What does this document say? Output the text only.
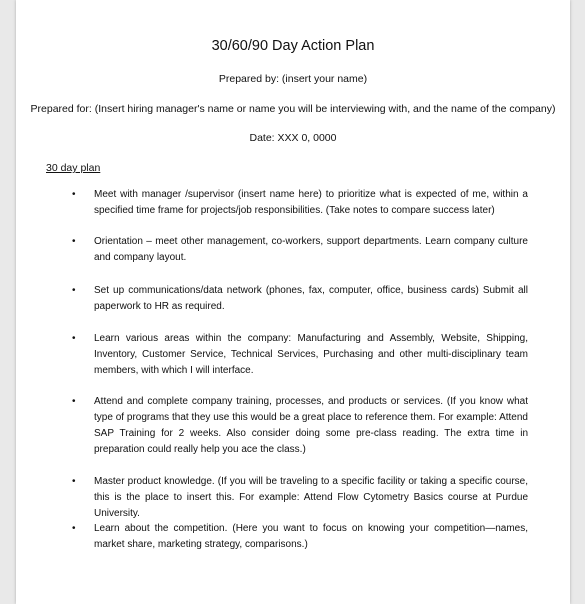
30/60/90 Day Action Plan
Prepared by: (insert your name)
Prepared for: (Insert hiring manager's name or name you will be interviewing with, and the name of the company)
Date: XXX 0, 0000
30 day plan
• Meet with manager /supervisor (insert name here) to prioritize what is expected of me, within a specified time frame for projects/job responsibilities. (Take notes to compare success later)
• Orientation – meet other management, co-workers, support departments. Learn company culture and company layout.
• Set up communications/data network (phones, fax, computer, office, business cards) Submit all paperwork to HR as required.
• Learn various areas within the company: Manufacturing and Assembly, Website, Shipping, Inventory, Customer Service, Technical Services, Purchasing and other multi-disciplinary team members, with which I will interface.
• Attend and complete company training, processes, and products or services. (If you know what type of programs that they use this would be a great place to reference them. For example: Attend SAP Training for 2 weeks. Also consider doing some pre-class reading. The extra time in preparation could really help you ace the class.)
• Master product knowledge. (If you will be traveling to a specific facility or taking a specific course, this is the place to insert this. For example: Attend Flow Cytometry Basics course at Purdue University.
• Learn about the competition. (Here you want to focus on knowing your competition—names, market share, marketing strategy, comparisons.)
